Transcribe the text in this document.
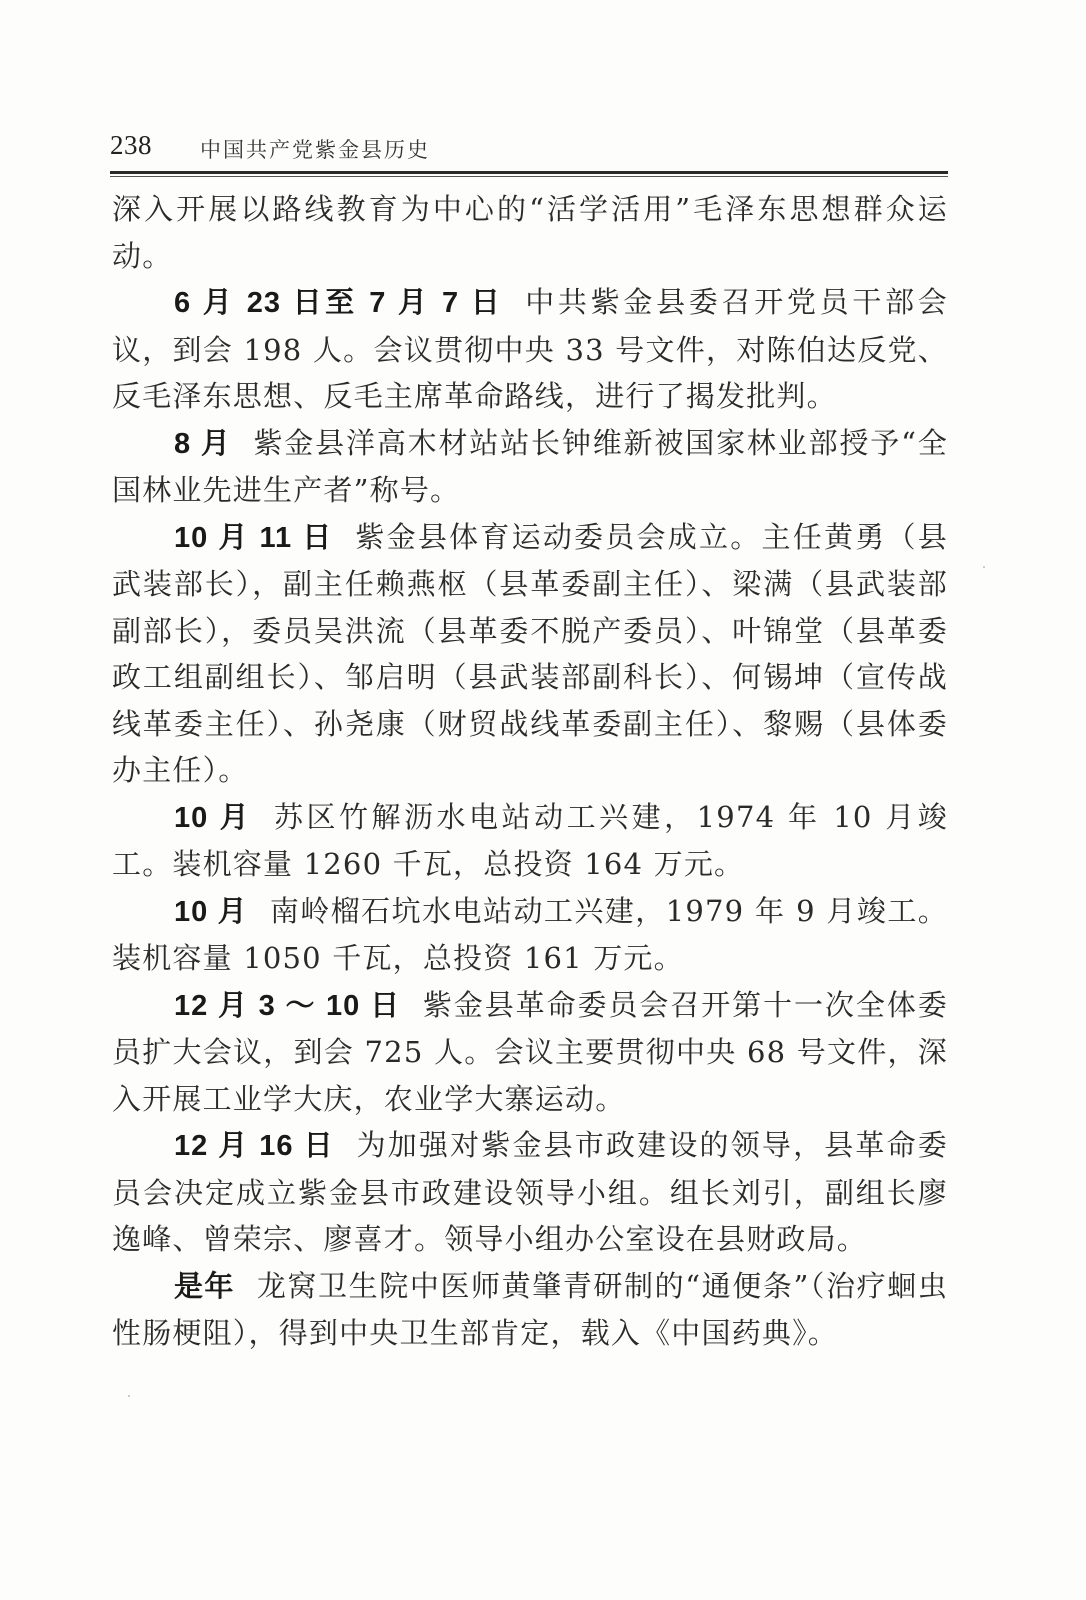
238 中国共产党紫金县历史

深入开展以路线教育为中心的“活学活用”毛泽东思想群众运动。

6 月 23 日至 7 月 7 日 中共紫金县委召开党员干部会议，到会 198 人。会议贯彻中央 33 号文件，对陈伯达反党、反毛泽东思想、反毛主席革命路线，进行了揭发批判。

8 月 紫金县洋高木材站站长钟维新被国家林业部授予“全国林业先进生产者”称号。

10 月 11 日 紫金县体育运动委员会成立。主任黄勇（县武装部长），副主任赖燕枢（县革委副主任）、梁满（县武装部副部长），委员吴洪流（县革委不脱产委员）、叶锦堂（县革委政工组副组长）、邹启明（县武装部副科长）、何锡坤（宣传战线革委主任）、孙尧康（财贸战线革委副主任）、黎赐（县体委办主任）。

10 月 苏区竹解沥水电站动工兴建，1974 年 10 月竣工。装机容量 1260 千瓦，总投资 164 万元。

10 月 南岭榴石坑水电站动工兴建，1979 年 9 月竣工。装机容量 1050 千瓦，总投资 161 万元。

12 月 3 ～ 10 日 紫金县革命委员会召开第十一次全体委员扩大会议，到会 725 人。会议主要贯彻中央 68 号文件，深入开展工业学大庆，农业学大寨运动。

12 月 16 日 为加强对紫金县市政建设的领导，县革命委员会决定成立紫金县市政建设领导小组。组长刘引，副组长廖逸峰、曾荣宗、廖喜才。领导小组办公室设在县财政局。

是年 龙窝卫生院中医师黄肇青研制的“通便条”（治疗蛔虫性肠梗阻），得到中央卫生部肯定，载入《中国药典》。
